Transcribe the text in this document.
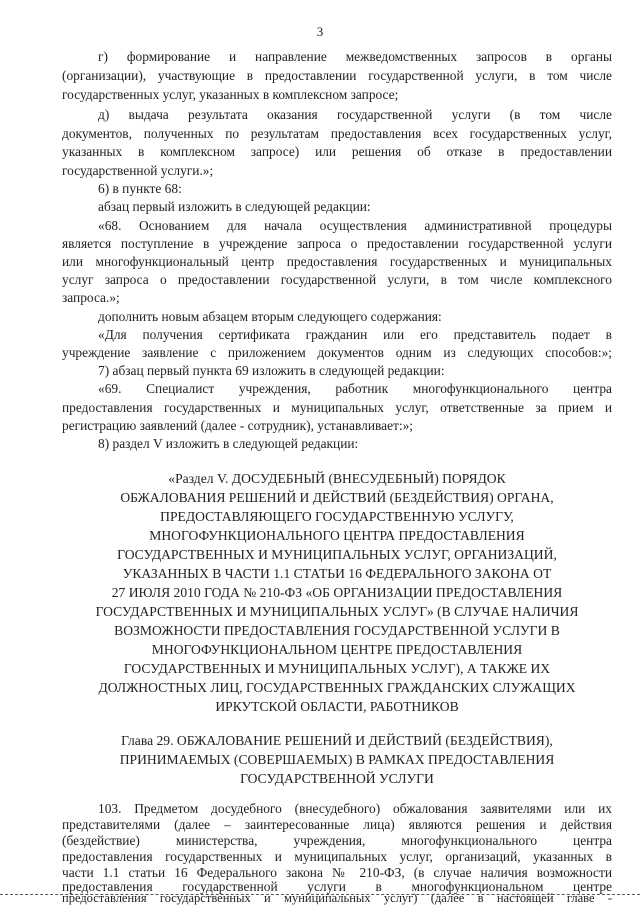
3
г) формирование и направление межведомственных запросов в органы
(организации), участвующие в предоставлении государственной услуги, в том числе
государственных услуг, указанных в комплексном запросе;
д) выдача результата оказания государственной услуги (в том числе
документов, полученных по результатам предоставления всех государственных услуг,
указанных в комплексном запросе) или решения об отказе в предоставлении
государственной услуги.»;
6) в пункте 68:
абзац первый изложить в следующей редакции:
«68. Основанием для начала осуществления административной процедуры
является поступление в учреждение запроса о предоставлении государственной услуги
или многофункциональный центр предоставления государственных и муниципальных
услуг запроса о предоставлении государственной услуги, в том числе комплексного
запроса.»;
дополнить новым абзацем вторым следующего содержания:
«Для получения сертификата гражданин или его представитель подает в
учреждение заявление с приложением документов одним из следующих способов:»;
7) абзац первый пункта 69 изложить в следующей редакции:
«69. Специалист учреждения, работник многофункционального центра
предоставления государственных и муниципальных услуг, ответственные за прием и
регистрацию заявлений (далее - сотрудник), устанавливает:»;
8) раздел V изложить в следующей редакции:
«Раздел V. ДОСУДЕБНЫЙ (ВНЕСУДЕБНЫЙ) ПОРЯДОК
ОБЖАЛОВАНИЯ РЕШЕНИЙ И ДЕЙСТВИЙ (БЕЗДЕЙСТВИЯ) ОРГАНА,
ПРЕДОСТАВЛЯЮЩЕГО ГОСУДАРСТВЕННУЮ УСЛУГУ,
МНОГОФУНКЦИОНАЛЬНОГО ЦЕНТРА ПРЕДОСТАВЛЕНИЯ
ГОСУДАРСТВЕННЫХ И МУНИЦИПАЛЬНЫХ УСЛУГ, ОРГАНИЗАЦИЙ,
УКАЗАННЫХ В ЧАСТИ 1.1 СТАТЬИ 16 ФЕДЕРАЛЬНОГО ЗАКОНА ОТ
27 ИЮЛЯ 2010 ГОДА № 210-ФЗ «ОБ ОРГАНИЗАЦИИ ПРЕДОСТАВЛЕНИЯ
ГОСУДАРСТВЕННЫХ И МУНИЦИПАЛЬНЫХ УСЛУГ» (В СЛУЧАЕ НАЛИЧИЯ
ВОЗМОЖНОСТИ ПРЕДОСТАВЛЕНИЯ ГОСУДАРСТВЕННОЙ УСЛУГИ В
МНОГОФУНКЦИОНАЛЬНОМ ЦЕНТРЕ ПРЕДОСТАВЛЕНИЯ
ГОСУДАРСТВЕННЫХ И МУНИЦИПАЛЬНЫХ УСЛУГ), А ТАКЖЕ ИХ
ДОЛЖНОСТНЫХ ЛИЦ, ГОСУДАРСТВЕННЫХ ГРАЖДАНСКИХ СЛУЖАЩИХ
ИРКУТСКОЙ ОБЛАСТИ, РАБОТНИКОВ
Глава 29. ОБЖАЛОВАНИЕ РЕШЕНИЙ И ДЕЙСТВИЙ (БЕЗДЕЙСТВИЯ),
ПРИНИМАЕМЫХ (СОВЕРШАЕМЫХ) В РАМКАХ ПРЕДОСТАВЛЕНИЯ
ГОСУДАРСТВЕННОЙ УСЛУГИ
103. Предметом досудебного (внесудебного) обжалования заявителями или их
представителями (далее – заинтересованные лица) являются решения и действия
(бездействие) министерства, учреждения, многофункционального центра
предоставления государственных и муниципальных услуг, организаций, указанных в
части 1.1 статьи 16 Федерального закона № 210-ФЗ, (в случае наличия возможности
предоставления государственной услуги в многофункциональном центре
предоставления государственных и муниципальных услуг) (далее в настоящей главе -
